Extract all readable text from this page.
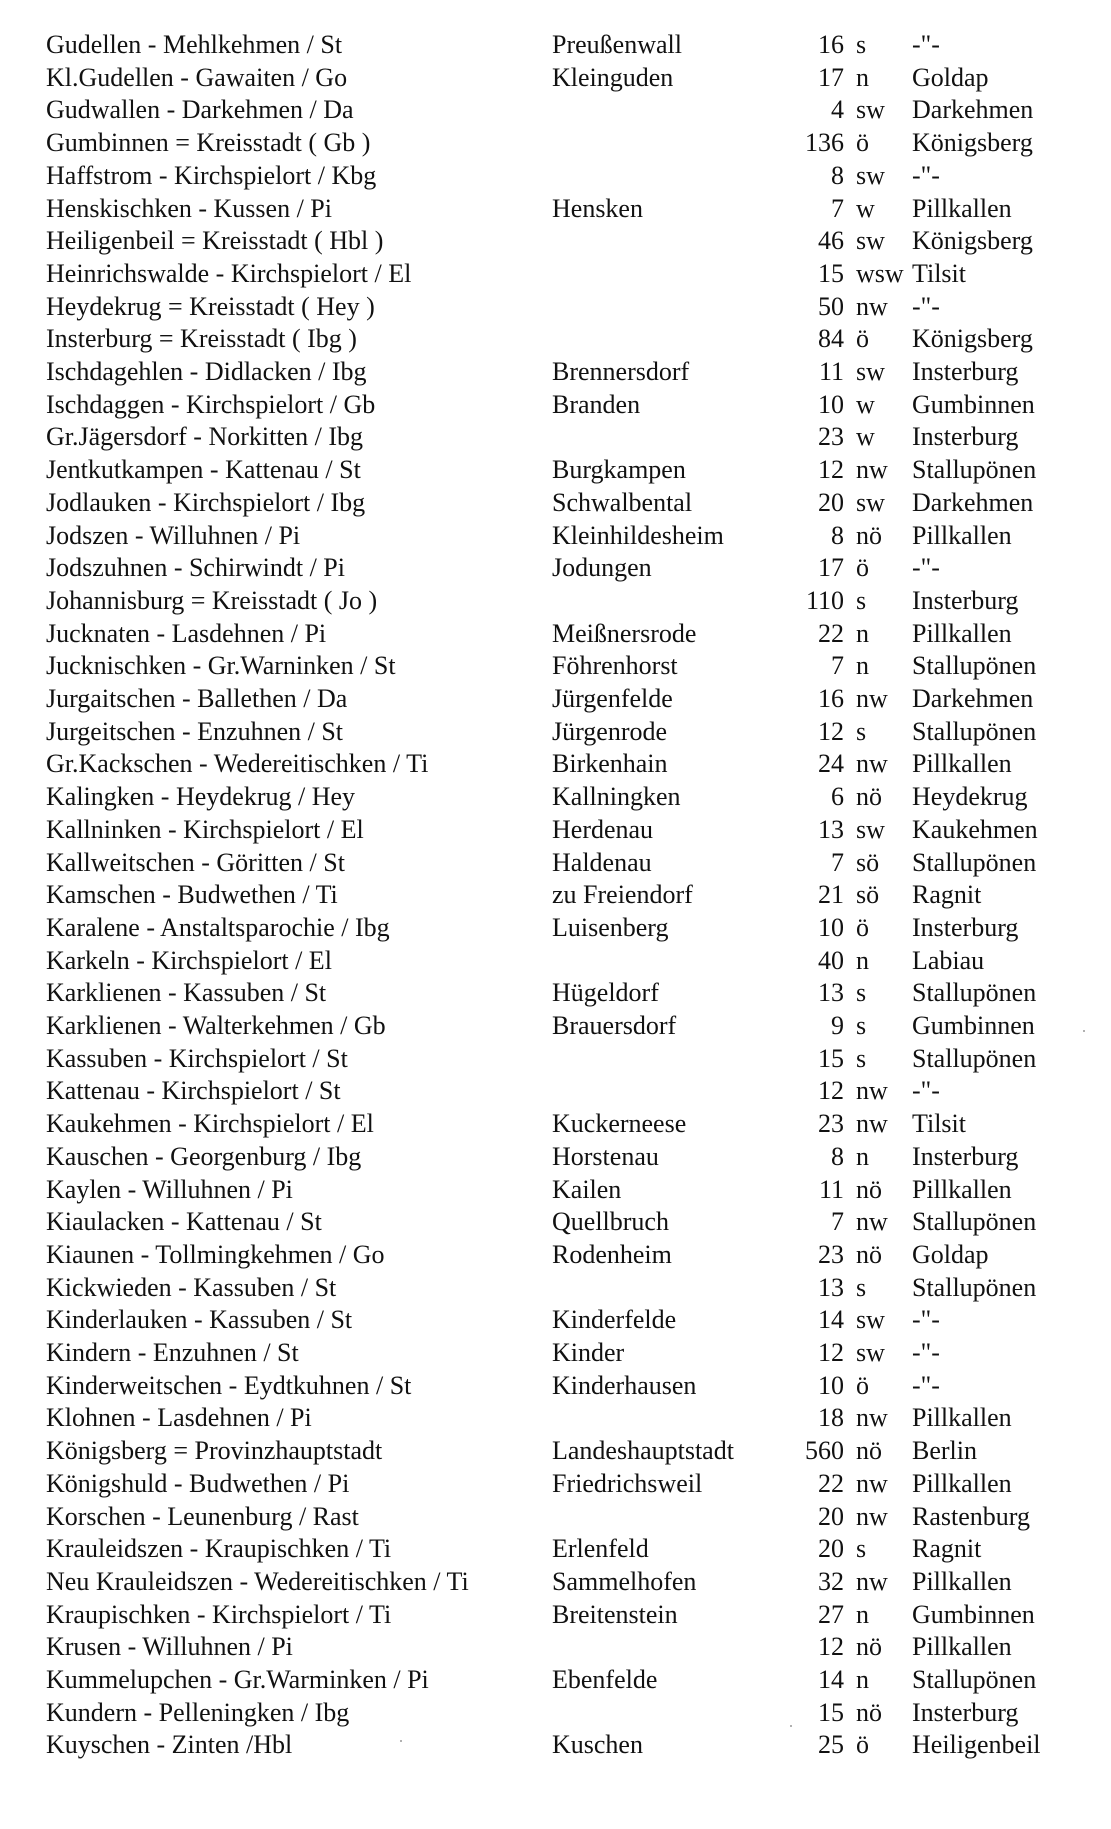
Gudellen - Mehlkehmen / St	Preußenwall	16 s -"-
Kl.Gudellen - Gawaiten / Go	Kleinguden	17 n Goldap
Gudwallen - Darkehmen / Da	4 sw Darkehmen
Gumbinnen = Kreisstadt ( Gb )	136 ö Königsberg
Haffstrom - Kirchspielort / Kbg	8 sw -"-
Henskischken - Kussen / Pi	Hensken	7 w Pillkallen
Heiligenbeil = Kreisstadt ( Hbl )	46 sw Königsberg
Heinrichswalde - Kirchspielort / El	15 wsw Tilsit
Heydekrug = Kreisstadt ( Hey )	50 nw -"-
Insterburg = Kreisstadt ( Ibg )	84 ö Königsberg
Ischdagehlen - Didlacken / Ibg	Brennersdorf	11 sw Insterburg
Ischdaggen - Kirchspielort / Gb	Branden	10 w Gumbinnen
Gr.Jägersdorf - Norkitten / Ibg	23 w Insterburg
Jentkutkampen - Kattenau / St	Burgkampen	12 nw Stallupönen
Jodlauken - Kirchspielort / Ibg	Schwalbental	20 sw Darkehmen
Jodszen - Willuhnen / Pi	Kleinhildesheim	8 nö Pillkallen
Jodszuhnen - Schirwindt / Pi	Jodungen	17 ö -"-
Johannisburg = Kreisstadt ( Jo )	110 s Insterburg
Jucknaten - Lasdehnen / Pi	Meißnersrode	22 n Pillkallen
Jucknischken - Gr.Warninken / St	Föhrenhorst	7 n Stallupönen
Jurgaitschen - Ballethen / Da	Jürgenfelde	16 nw Darkehmen
Jurgeitschen - Enzuhnen / St	Jürgenrode	12 s Stallupönen
Gr.Kackschen - Wedereitischken / Ti	Birkenhain	24 nw Pillkallen
Kalingken - Heydekrug / Hey	Kallningken	6 nö Heydekrug
Kallninken - Kirchspielort / El	Herdenau	13 sw Kaukehmen
Kallweitschen - Göritten / St	Haldenau	7 sö Stallupönen
Kamschen - Budwethen / Ti	zu Freiendorf	21 sö Ragnit
Karalene - Anstaltsparochie / Ibg	Luisenberg	10 ö Insterburg
Karkeln - Kirchspielort / El	40 n Labiau
Karklienen - Kassuben / St	Hügeldorf	13 s Stallupönen
Karklienen - Walterkehmen / Gb	Brauersdorf	9 s Gumbinnen
Kassuben - Kirchspielort / St	15 s Stallupönen
Kattenau - Kirchspielort / St	12 nw -"-
Kaukehmen - Kirchspielort / El	Kuckerneese	23 nw Tilsit
Kauschen - Georgenburg / Ibg	Horstenau	8 n Insterburg
Kaylen - Willuhnen / Pi	Kailen	11 nö Pillkallen
Kiaulacken - Kattenau / St	Quellbruch	7 nw Stallupönen
Kiaunen - Tollmingkehmen / Go	Rodenheim	23 nö Goldap
Kickwieden - Kassuben / St	13 s Stallupönen
Kinderlauken - Kassuben / St	Kinderfelde	14 sw -"-
Kindern - Enzuhnen / St	Kinder	12 sw -"-
Kinderweitschen - Eydtkuhnen / St	Kinderhausen	10 ö -"-
Klohnen - Lasdehnen / Pi	18 nw Pillkallen
Königsberg = Provinzhauptstadt	Landeshauptstadt	560 nö Berlin
Königshuld - Budwethen / Pi	Friedrichsweil	22 nw Pillkallen
Korschen - Leunenburg / Rast	20 nw Rastenburg
Krauleidszen - Kraupischken / Ti	Erlenfeld	20 s Ragnit
Neu Krauleidszen - Wedereitischken / Ti	Sammelhofen	32 nw Pillkallen
Kraupischken - Kirchspielort / Ti	Breitenstein	27 n Gumbinnen
Krusen - Willuhnen / Pi	12 nö Pillkallen
Kummelupchen - Gr.Warminken / Pi	Ebenfelde	14 n Stallupönen
Kundern - Pelleningken / Ibg	15 nö Insterburg
Kuyschen - Zinten /Hbl	Kuschen	25 ö Heiligenbeil
